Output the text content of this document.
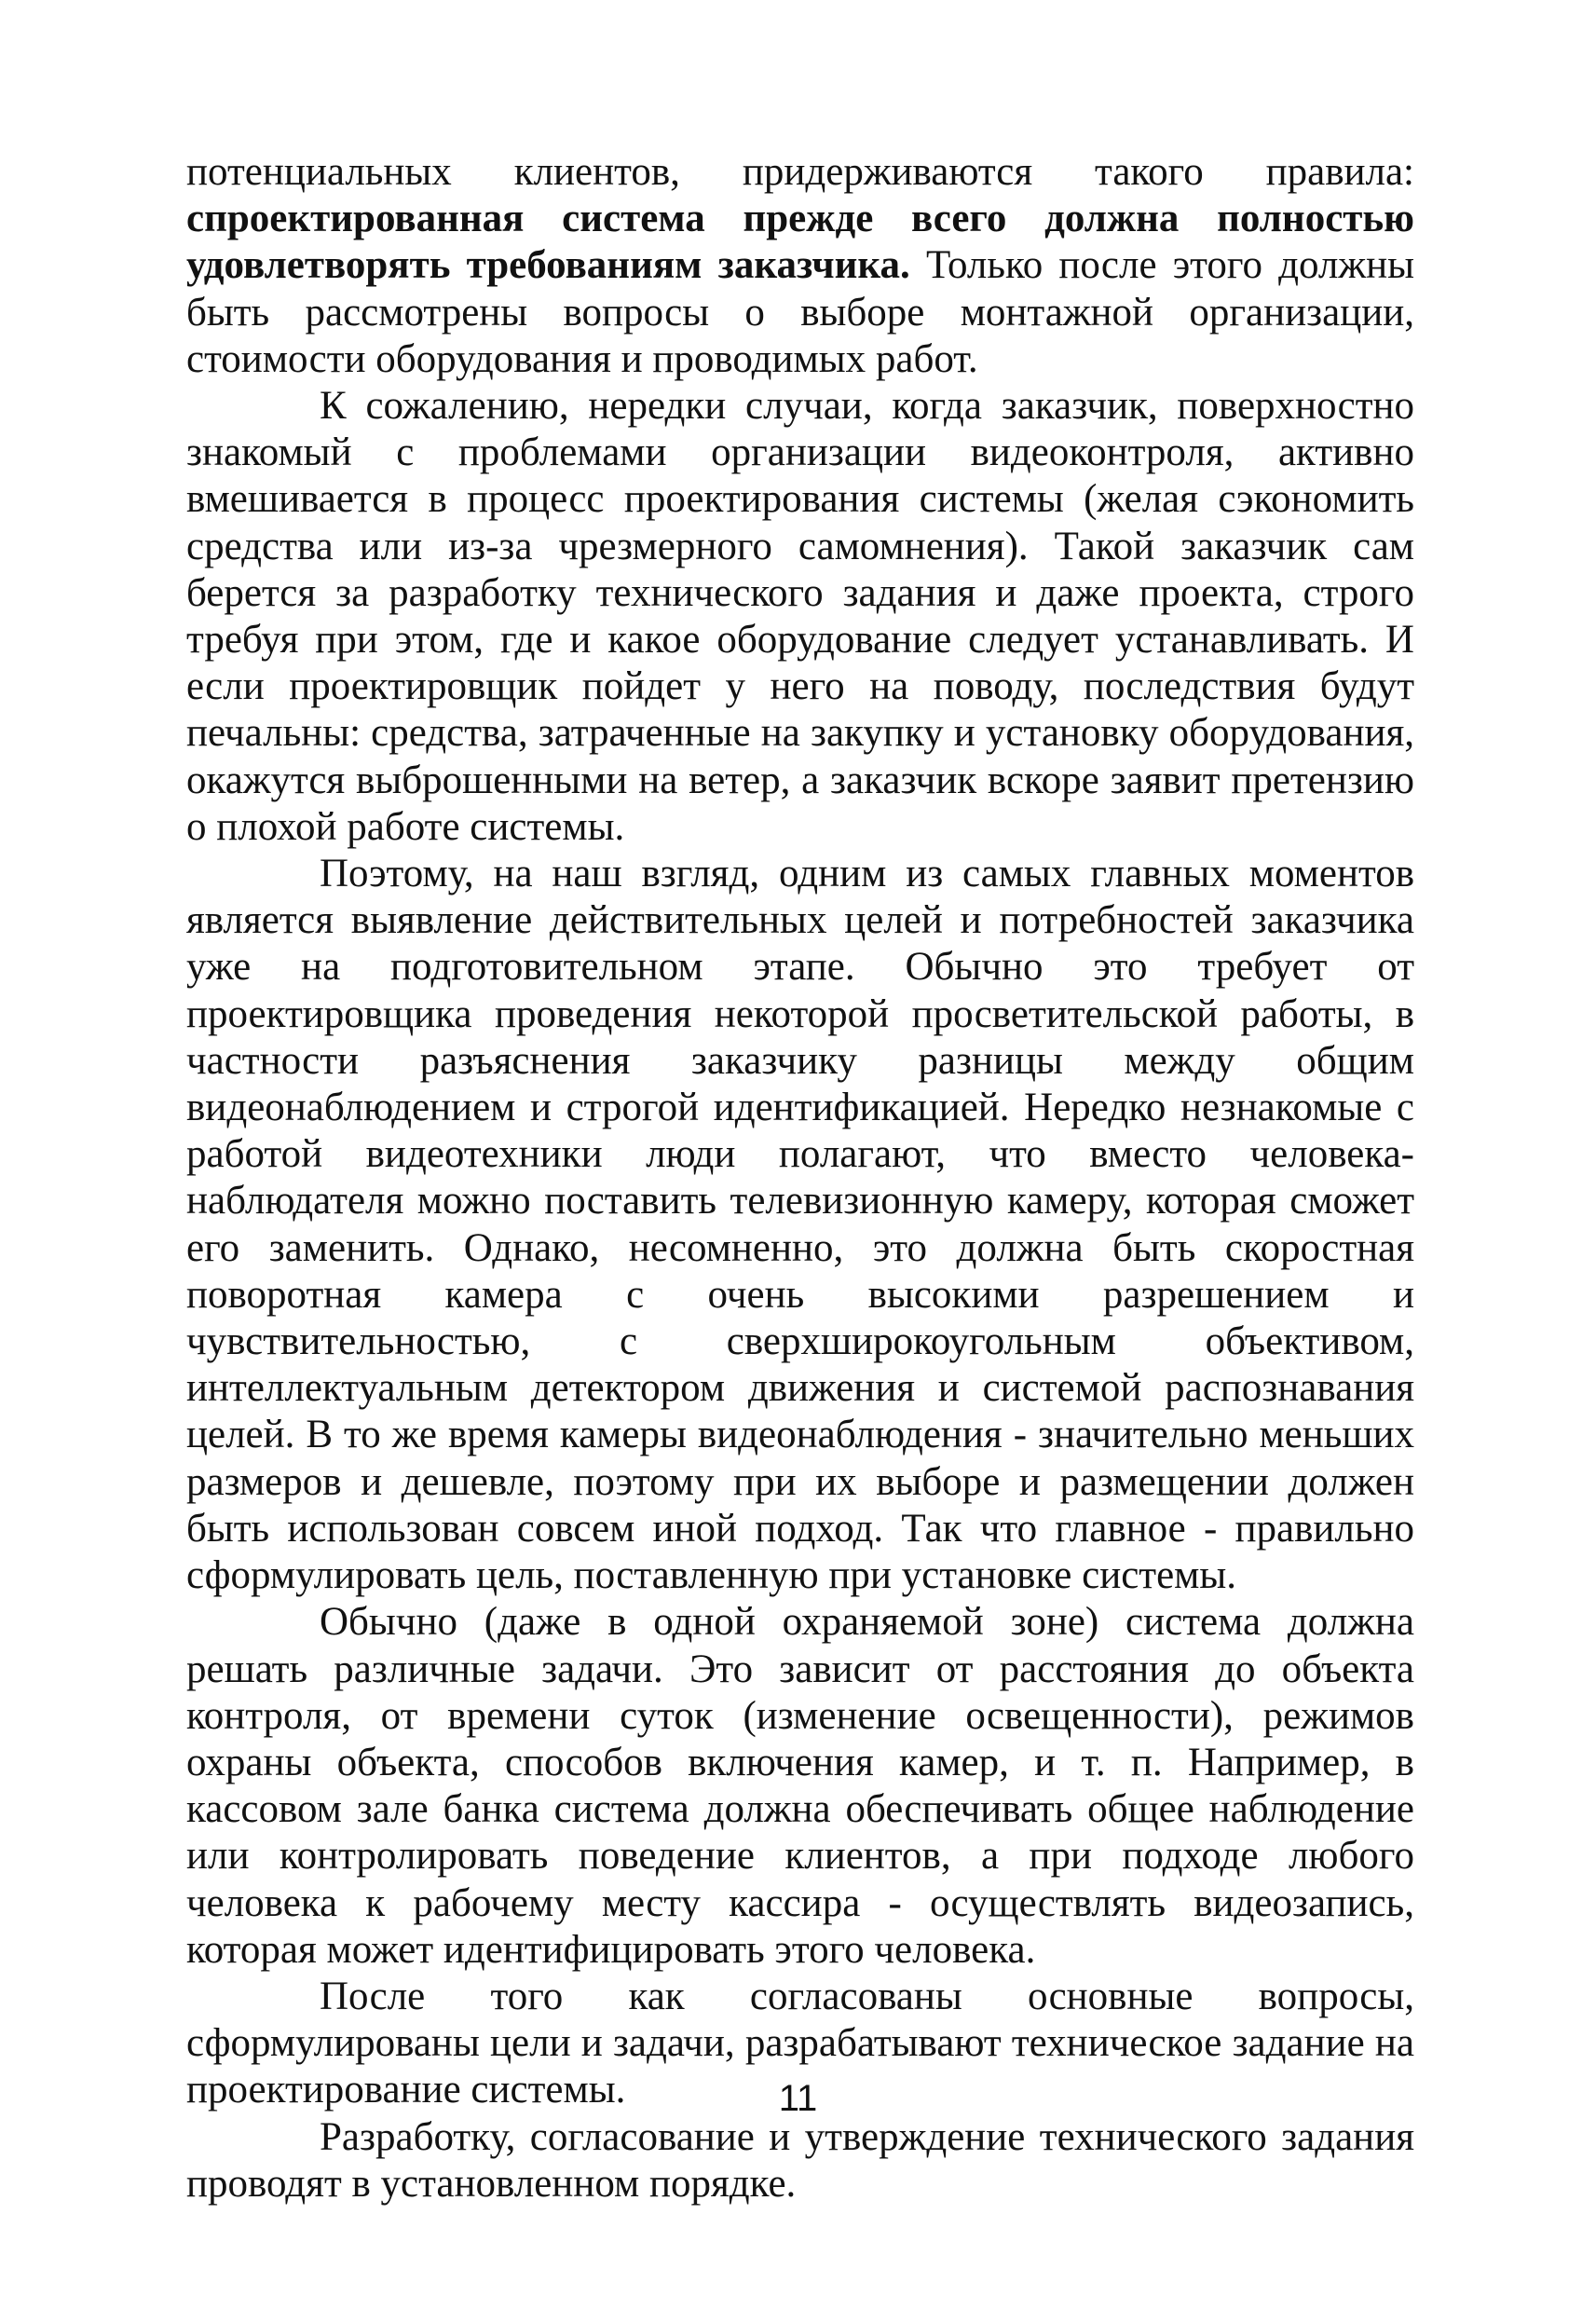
потенциальных клиентов, придерживаются такого правила: спроектированная система прежде всего должна полностью удовлетворять требованиям заказчика. Только после этого должны быть рассмотрены вопросы о выборе монтажной организации, стоимости оборудования и проводимых работ.

К сожалению, нередки случаи, когда заказчик, поверхностно знакомый с проблемами организации видеоконтроля, активно вмешивается в процесс проектирования системы (желая сэкономить средства или из-за чрезмерного самомнения). Такой заказчик сам берется за разработку технического задания и даже проекта, строго требуя при этом, где и какое оборудование следует устанавливать. И если проектировщик пойдет у него на поводу, последствия будут печальны: средства, затраченные на закупку и установку оборудования, окажутся выброшенными на ветер, а заказчик вскоре заявит претензию о плохой работе системы.

Поэтому, на наш взгляд, одним из самых главных моментов является выявление действительных целей и потребностей заказчика уже на подготовительном этапе. Обычно это требует от проектировщика проведения некоторой просветительской работы, в частности разъяснения заказчику разницы между общим видеонаблюдением и строгой идентификацией. Нередко незнакомые с работой видеотехники люди полагают, что вместо человека-наблюдателя можно поставить телевизионную камеру, которая сможет его заменить. Однако, несомненно, это должна быть скоростная поворотная камера с очень высокими разрешением и чувствительностью, с сверхширокоугольным объективом, интеллектуальным детектором движения и системой распознавания целей. В то же время камеры видеонаблюдения - значительно меньших размеров и дешевле, поэтому при их выборе и размещении должен быть использован совсем иной подход. Так что главное - правильно сформулировать цель, поставленную при установке системы.

Обычно (даже в одной охраняемой зоне) система должна решать различные задачи. Это зависит от расстояния до объекта контроля, от времени суток (изменение освещенности), режимов охраны объекта, способов включения камер, и т. п. Например, в кассовом зале банка система должна обеспечивать общее наблюдение или контролировать поведение клиентов, а при подходе любого человека к рабочему месту кассира - осуществлять видеозапись, которая может идентифицировать этого человека.

После того как согласованы основные вопросы, сформулированы цели и задачи, разрабатывают техническое задание на проектирование системы.

Разработку, согласование и утверждение технического задания проводят в установленном порядке.

11
